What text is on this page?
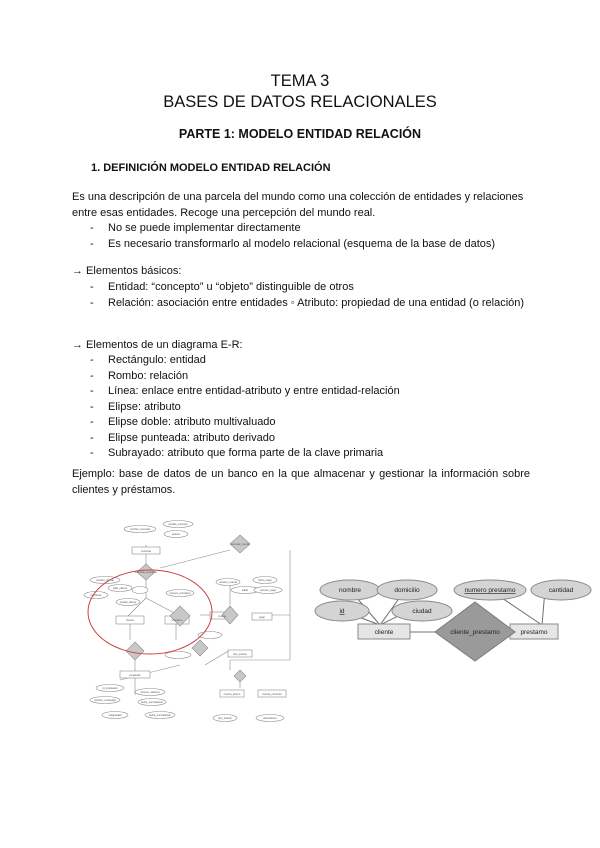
TEMA 3
BASES DE DATOS RELACIONALES
PARTE 1: MODELO ENTIDAD RELACIÓN
1. DEFINICIÓN MODELO ENTIDAD RELACIÓN
Es una descripción de una parcela del mundo como una colección de entidades y relaciones entre esas entidades. Recoge una percepción del mundo real.
- No se puede implementar directamente
- Es necesario transformarlo al modelo relacional (esquema de la base de datos)
→ Elementos básicos:
- Entidad: “concepto” u “objeto” distinguible de otros
- Relación: asociación entre entidades ◦ Atributo: propiedad de una entidad (o relación)
→ Elementos de un diagrama E-R:
- Rectángulo: entidad
- Rombo: relación
- Línea: enlace entre entidad-atributo y entre entidad-relación
- Elipse: atributo
- Elipse doble: atributo multivaluado
- Elipse punteada: atributo derivado
- Subrayado: atributo que forma parte de la clave primaria
Ejemplo: base de datos de un banco en la que almacenar y gestionar la información sobre clientes y préstamos.
nombre_sucursal
ciudad_sucursal
activos
sucursal
sucursal_cuenta
sucursal_préstamo
cliente	préstamo
cuenta	pago
empleado
tipo_cuenta
cuenta_ahorro	cuenta_corriente
nombre_cliente
id_cliente
calle_cliente
ciudad_cliente
número_préstamo
número_cuenta
saldo	número_pago
fecha_pago
id_empleado
nombre_empleado
número_teléfono
fecha_contratación
antigüedad	fecha_contratación
tipo_interés	descubierto
nombre	domicilio
id	ciudad
numero prestamo	cantidad
cliente	prestamo
cliente_prestamo
